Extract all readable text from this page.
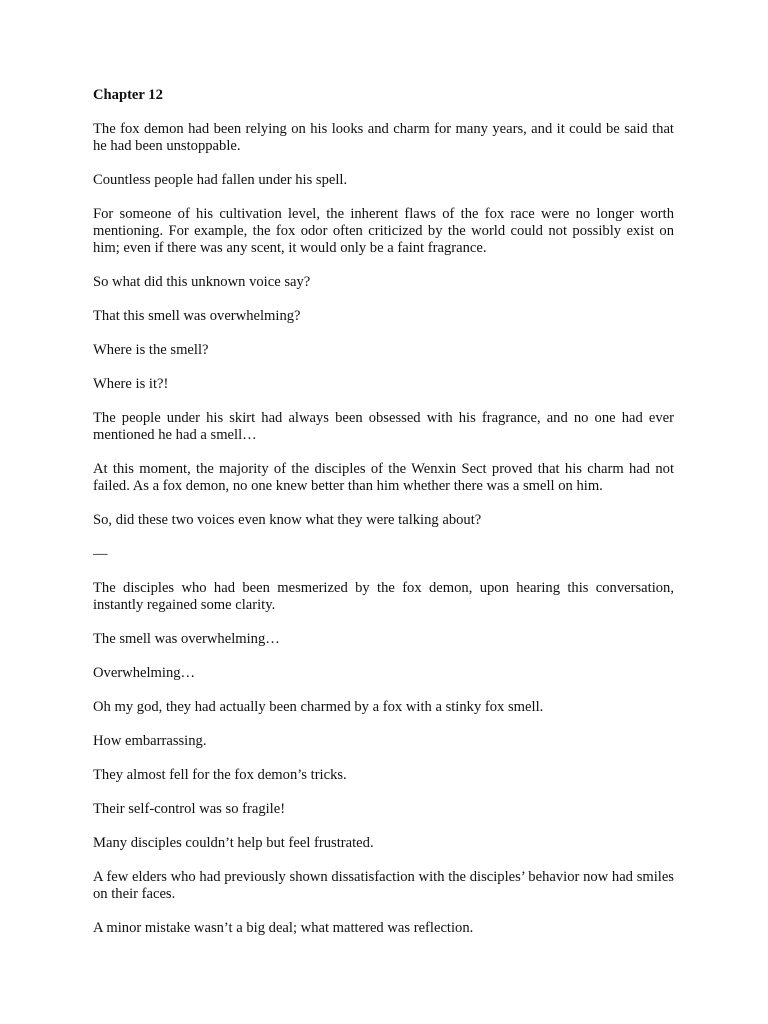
Chapter 12

The fox demon had been relying on his looks and charm for many years, and it could be said that he had been unstoppable.

Countless people had fallen under his spell.

For someone of his cultivation level, the inherent flaws of the fox race were no longer worth mentioning. For example, the fox odor often criticized by the world could not possibly exist on him; even if there was any scent, it would only be a faint fragrance.

So what did this unknown voice say?

That this smell was overwhelming?

Where is the smell?

Where is it?!

The people under his skirt had always been obsessed with his fragrance, and no one had ever mentioned he had a smell…

At this moment, the majority of the disciples of the Wenxin Sect proved that his charm had not failed. As a fox demon, no one knew better than him whether there was a smell on him.

So, did these two voices even know what they were talking about?

—

The disciples who had been mesmerized by the fox demon, upon hearing this conversation, instantly regained some clarity.

The smell was overwhelming…

Overwhelming…

Oh my god, they had actually been charmed by a fox with a stinky fox smell.

How embarrassing.

They almost fell for the fox demon’s tricks.

Their self-control was so fragile!

Many disciples couldn’t help but feel frustrated.

A few elders who had previously shown dissatisfaction with the disciples’ behavior now had smiles on their faces.

A minor mistake wasn’t a big deal; what mattered was reflection.
